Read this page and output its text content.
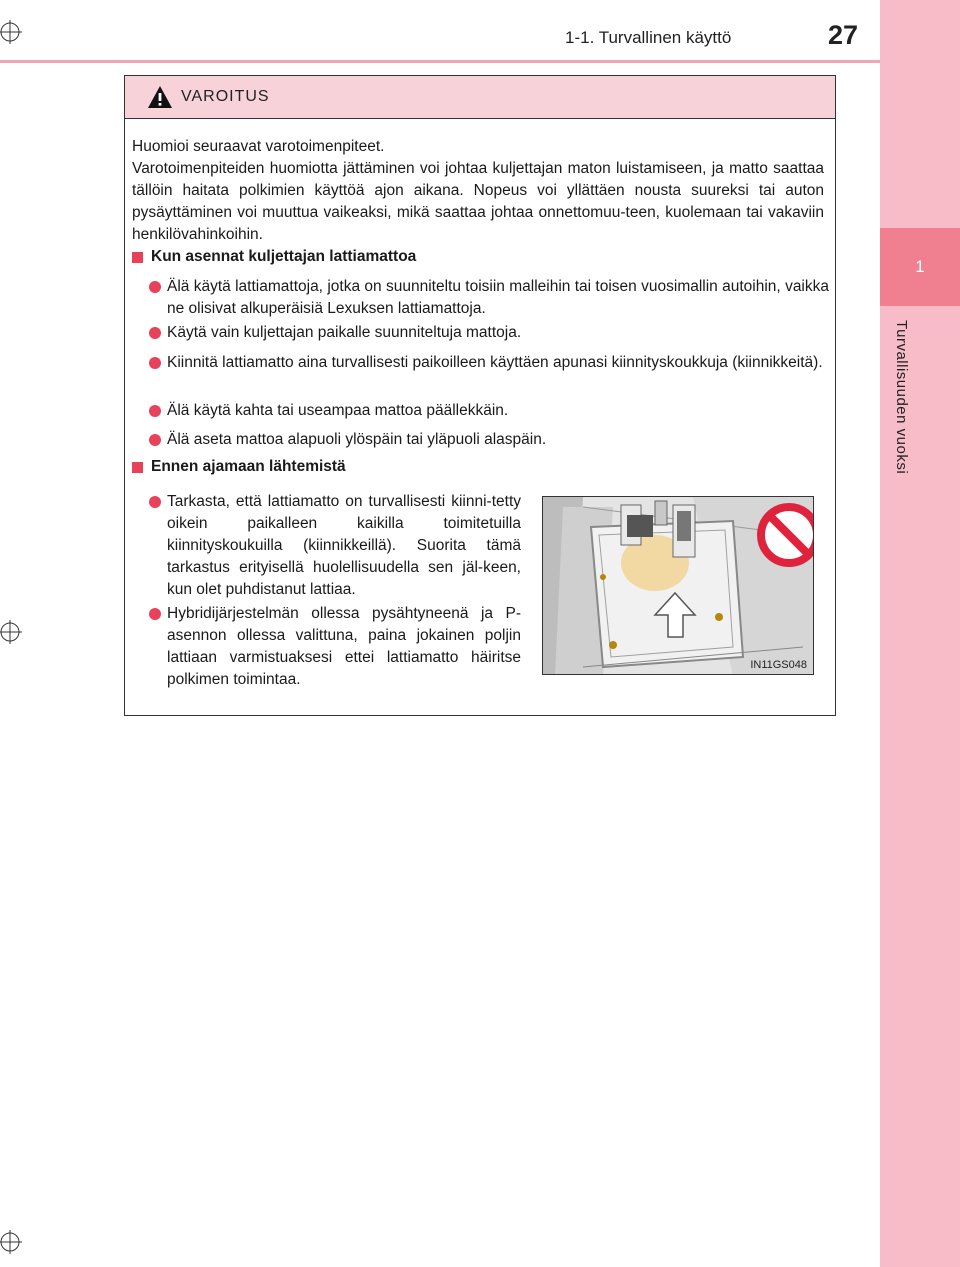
1
Turvallisuuden vuoksi
1-1. Turvallinen käyttö	27
VAROITUS

Huomioi seuraavat varotoimenpiteet.

Varotoimenpiteiden huomiotta jättäminen voi johtaa kuljettajan maton luistamiseen, ja matto saattaa tällöin haitata polkimien käyttöä ajon aikana. Nopeus voi yllättäen nousta suureksi tai auton pysäyttäminen voi muuttua vaikeaksi, mikä saattaa johtaa onnettomuu-teen, kuolemaan tai vakaviin henkilövahinkoihin.

Kun asennat kuljettajan lattiamattoa
Älä käytä lattiamattoja, jotka on suunniteltu toisiin malleihin tai toisen vuosimallin autoihin, vaikka ne olisivat alkuperäisiä Lexuksen lattiamattoja.
Käytä vain kuljettajan paikalle suunniteltuja mattoja.
Kiinnitä lattiamatto aina turvallisesti paikoilleen käyttäen apunasi kiinnityskoukkuja (kiinnikkeitä).
Älä käytä kahta tai useampaa mattoa päällekkäin.
Älä aseta mattoa alapuoli ylöspäin tai yläpuoli alaspäin.
Ennen ajamaan lähtemistä
Tarkasta, että lattiamatto on turvallisesti kiinni-tetty oikein paikalleen kaikilla toimitetuilla kiinnityskoukuilla (kiinnikkeillä). Suorita tämä tarkastus erityisellä huolellisuudella sen jäl-keen, kun olet puhdistanut lattiaa.
Hybridijärjestelmän ollessa pysähtyneenä ja P-asennon ollessa valittuna, paina jokainen poljin lattiaan varmistuaksesi ettei lattiamatto häiritse polkimen toimintaa.
IN11GS048
